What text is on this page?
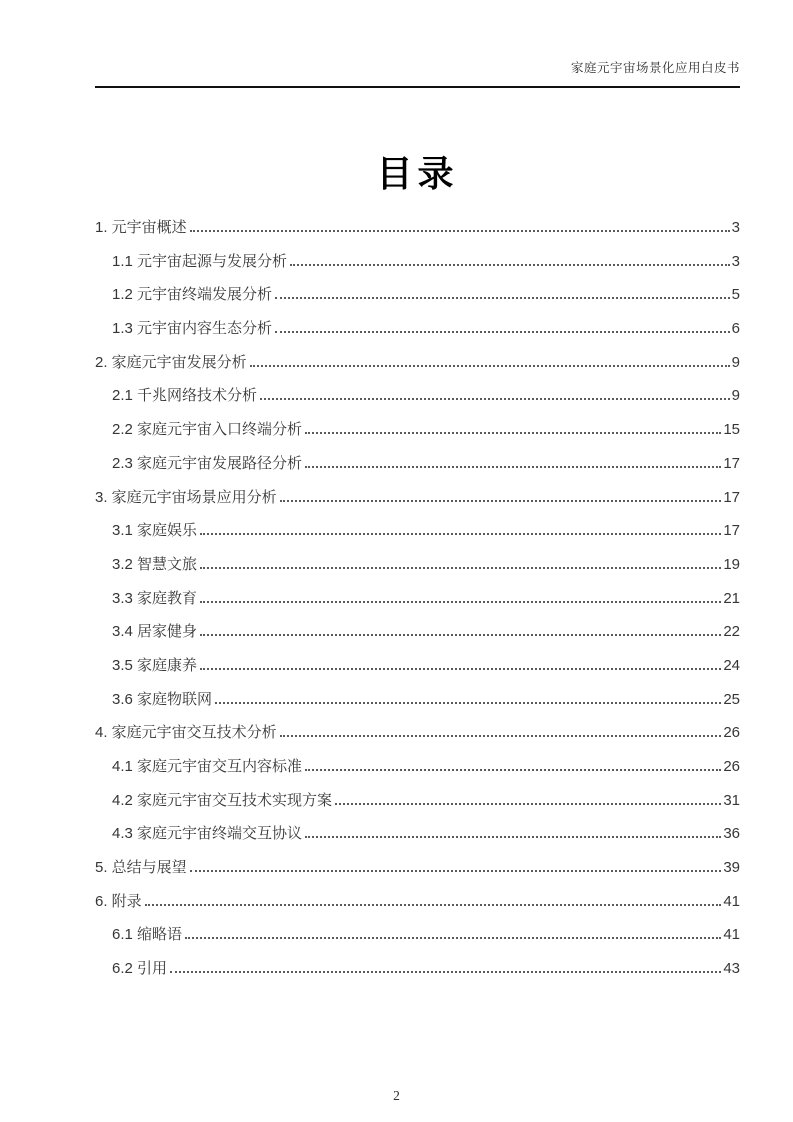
家庭元宇宙场景化应用白皮书
目录
1. 元宇宙概述	3
1.1 元宇宙起源与发展分析	3
1.2 元宇宙终端发展分析	5
1.3 元宇宙内容生态分析	6
2. 家庭元宇宙发展分析	9
2.1 千兆网络技术分析	9
2.2 家庭元宇宙入口终端分析	15
2.3 家庭元宇宙发展路径分析	17
3. 家庭元宇宙场景应用分析	17
3.1 家庭娱乐	17
3.2 智慧文旅	19
3.3 家庭教育	21
3.4 居家健身	22
3.5 家庭康养	24
3.6 家庭物联网	25
4. 家庭元宇宙交互技术分析	26
4.1 家庭元宇宙交互内容标准	26
4.2 家庭元宇宙交互技术实现方案	31
4.3 家庭元宇宙终端交互协议	36
5. 总结与展望	39
6. 附录	41
6.1 缩略语	41
6.2 引用	43
2
